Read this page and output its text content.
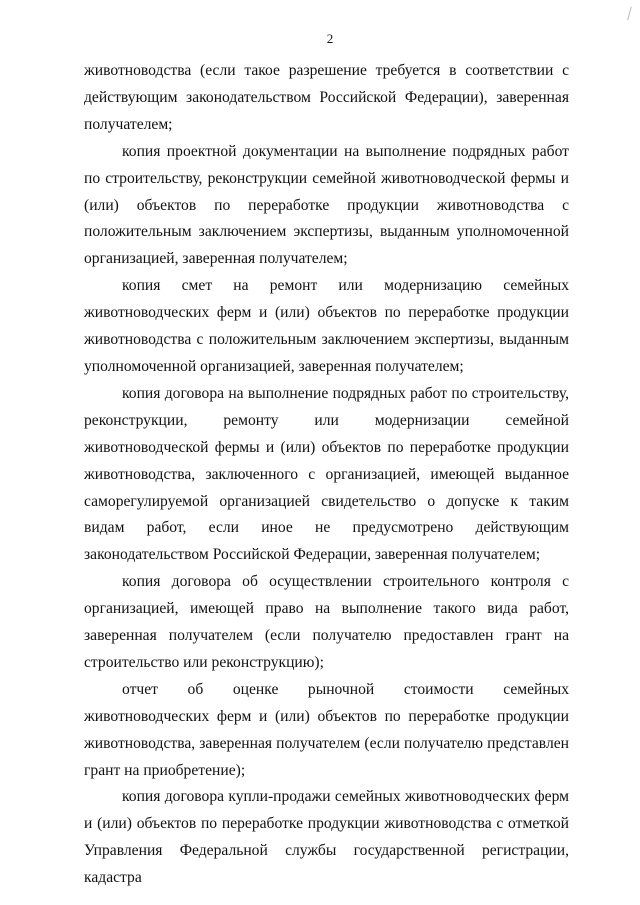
2

животноводства (если такое разрешение требуется в соответствии с действующим законодательством Российской Федерации), заверенная получателем;

копия проектной документации на выполнение подрядных работ по строительству, реконструкции семейной животноводческой фермы и (или) объектов по переработке продукции животноводства с положительным заключением экспертизы, выданным уполномоченной организацией, заверенная получателем;

копия смет на ремонт или модернизацию семейных животноводческих ферм и (или) объектов по переработке продукции животноводства с положительным заключением экспертизы, выданным уполномоченной организацией, заверенная получателем;

копия договора на выполнение подрядных работ по строительству, реконструкции, ремонту или модернизации семейной животноводческой фермы и (или) объектов по переработке продукции животноводства, заключенного с организацией, имеющей выданное саморегулируемой организацией свидетельство о допуске к таким видам работ, если иное не предусмотрено действующим законодательством Российской Федерации, заверенная получателем;

копия договора об осуществлении строительного контроля с организацией, имеющей право на выполнение такого вида работ, заверенная получателем (если получателю предоставлен грант на строительство или реконструкцию);

отчет об оценке рыночной стоимости семейных животноводческих ферм и (или) объектов по переработке продукции животноводства, заверенная получателем (если получателю представлен грант на приобретение);

копия договора купли-продажи семейных животноводческих ферм и (или) объектов по переработке продукции животноводства с отметкой Управления Федеральной службы государственной регистрации, кадастра
